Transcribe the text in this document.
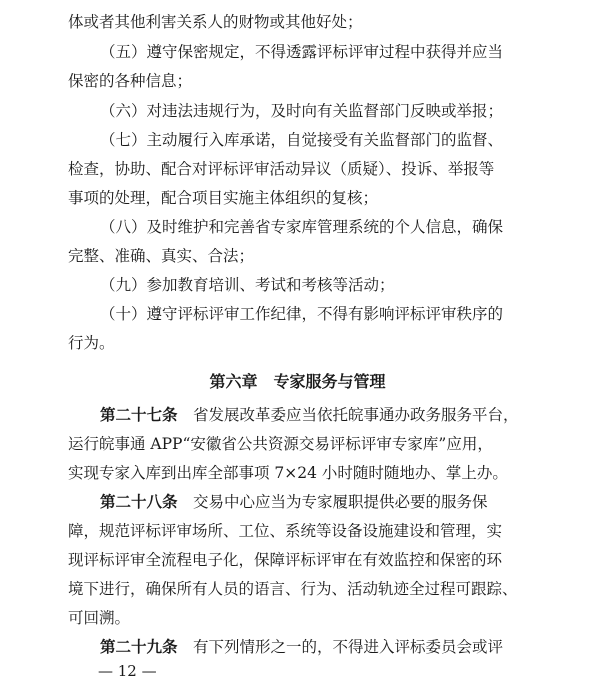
体或者其他利害关系人的财物或其他好处；
（五）遵守保密规定，不得透露评标评审过程中获得并应当
保密的各种信息；
（六）对违法违规行为，及时向有关监督部门反映或举报；
（七）主动履行入库承诺，自觉接受有关监督部门的监督、
检查，协助、配合对评标评审活动异议（质疑）、投诉、举报等
事项的处理，配合项目实施主体组织的复核；
（八）及时维护和完善省专家库管理系统的个人信息，确保
完整、准确、真实、合法；
（九）参加教育培训、考试和考核等活动；
（十）遵守评标评审工作纪律，不得有影响评标评审秩序的
行为。
第六章　专家服务与管理
第二十七条　省发展改革委应当依托皖事通办政务服务平台，
运行皖事通 APP“安徽省公共资源交易评标评审专家库”应用，
实现专家入库到出库全部事项 7×24 小时随时随地办、掌上办。
第二十八条　交易中心应当为专家履职提供必要的服务保
障，规范评标评审场所、工位、系统等设备设施建设和管理，实
现评标评审全流程电子化，保障评标评审在有效监控和保密的环
境下进行，确保所有人员的语言、行为、活动轨迹全过程可跟踪、
可回溯。
第二十九条　有下列情形之一的，不得进入评标委员会或评
— 12 —
